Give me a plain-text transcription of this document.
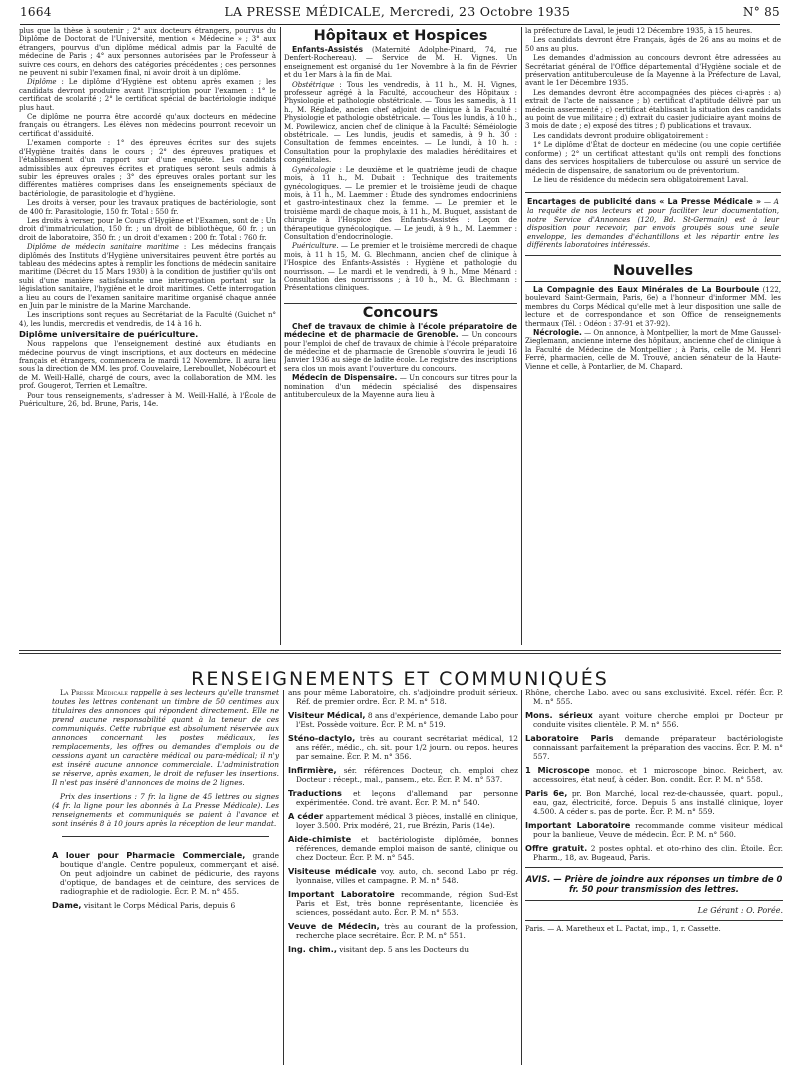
1664	LA PRESSE MÉDICALE, Mercredi, 23 Octobre 1935	N° 85

plus que la thèse à soutenir ; 2° aux docteurs étrangers, pourvus du Diplôme de Doctorat de l'Université, mention « Médecine » ; 3° aux étrangers, pourvus d'un diplôme médical admis par la Faculté de médecine de Paris ; 4° aux personnes autorisées par le Professeur à suivre ces cours, en dehors des catégories précédentes ; ces personnes ne peuvent ni subir l'examen final, ni avoir droit à un diplôme.

Diplôme : Le diplôme d'Hygiène est obtenu après examen ; les candidats devront produire avant l'inscription pour l'examen : 1° le certificat de scolarité ; 2° le certificat spécial de bactériologie indiqué plus haut.

Ce diplôme ne pourra être accordé qu'aux docteurs en médecine français ou étrangers. Les élèves non médecins pourront recevoir un certificat d'assiduité.

L'examen comporte : 1° des épreuves écrites sur des sujets d'Hygiène traités dans le cours ; 2° des épreuves pratiques et l'établissement d'un rapport sur d'une enquête. Les candidats admissibles aux épreuves écrites et pratiques seront seuls admis à subir les épreuves orales ; 3° des épreuves orales portant sur les différentes matières comprises dans les enseignements spéciaux de bactériologie, de parasitologie et d'hygiène.

Les droits à verser, pour les travaux pratiques de bactériologie, sont de 400 fr. Parasitologie, 150 fr. Total : 550 fr.

Les droits à verser, pour le Cours d'Hygiène et l'Examen, sont de : Un droit d'immatriculation, 150 fr. ; un droit de bibliothèque, 60 fr. ; un droit de laboratoire, 350 fr. ; un droit d'examen : 200 fr. Total : 760 fr.

Diplôme de médecin sanitaire maritime : Les médecins français diplômés des Instituts d'Hygiène universitaires peuvent être portés au tableau des médecins aptes à remplir les fonctions de médecin sanitaire maritime (Décret du 15 Mars 1930) à la condition de justifier qu'ils ont subi d'une manière satisfaisante une interrogation portant sur la législation sanitaire, l'hygiène et le droit maritimes. Cette interrogation a lieu au cours de l'examen sanitaire maritime organisé chaque année en Juin par le ministre de la Marine Marchande.

Les inscriptions sont reçues au Secrétariat de la Faculté (Guichet n° 4), les lundis, mercredis et vendredis, de 14 à 16 h.

Diplôme universitaire de puériculture.

Nous rappelons que l'enseignement destiné aux étudiants en médecine pourvus de vingt inscriptions, et aux docteurs en médecine français et étrangers, commencera le mardi 12 Novembre. Il aura lieu sous la direction de MM. les prof. Couvelaire, Lereboullet, Nobécourt et de M. Weill-Hallé, chargé de cours, avec la collaboration de MM. les prof. Gougerot, Terrien et Lemaître.

Pour tous renseignements, s'adresser à M. Weill-Hallé, à l'École de Puériculture, 26, bd. Brune, Paris, 14e.

Hôpitaux et Hospices

Enfants-Assistés (Maternité Adolphe-Pinard, 74, rue Denfert-Rochereau). — Service de M. H. Vignes. Un enseignement est organisé du 1er Novembre à la fin de Février et du 1er Mars à la fin de Mai.

Obstétrique : Tous les vendredis, à 11 h., M. H. Vignes, professeur agrégé à la Faculté, accoucheur des Hôpitaux : Physiologie et pathologie obstétricale. — Tous les samedis, à 11 h., M. Réglade, ancien chef adjoint de clinique à la Faculté : Physiologie et pathologie obstétricale. — Tous les lundis, à 10 h., M. Powilewicz, ancien chef de clinique à la Faculté: Séméiologie obstétricale. — Les lundis, jeudis et samedis, à 9 h. 30 : Consultation de femmes enceintes. — Le lundi, à 10 h. : Consultation pour la prophylaxie des maladies héréditaires et congénitales.

Gynécologie : Le deuxième et le quatrième jeudi de chaque mois, à 11 h., M. Dubait : Technique des traitements gynécologiques. — Le premier et le troisième jeudi de chaque mois, à 11 h., M. Laemmer : Étude des syndromes endocriniens et gastro-intestinaux chez la femme. — Le premier et le troisième mardi de chaque mois, à 11 h., M. Buquet, assistant de chirurgie à l'Hospice des Enfants-Assistés : Leçon de thérapeutique gynécologique. — Le jeudi, à 9 h., M. Laemmer : Consultation d'endocrinologie.

Puériculture. — Le premier et le troisième mercredi de chaque mois, à 11 h 15, M. G. Blechmann, ancien chef de clinique à l'Hospice des Enfants-Assistés : Hygiène et pathologie du nourrisson. — Le mardi et le vendredi, à 9 h., Mme Ménard : Consultation des nourrissons ; à 10 h., M. G. Blechmann : Présentations cliniques.

Concours

Chef de travaux de chimie à l'école préparatoire de médecine et de pharmacie de Grenoble. — Un concours pour l'emploi de chef de travaux de chimie à l'école préparatoire de médecine et de pharmacie de Grenoble s'ouvrira le jeudi 16 Janvier 1936 au siège de ladite école. Le registre des inscriptions sera clos un mois avant l'ouverture du concours.

Médecin de Dispensaire. — Un concours sur titres pour la nomination d'un médecin spécialisé des dispensaires antituberculeux de la Mayenne aura lieu à

la préfecture de Laval, le jeudi 12 Décembre 1935, à 15 heures.

Les candidats devront être Français, âgés de 26 ans au moins et de 50 ans au plus.

Les demandes d'admission au concours devront être adressées au Secrétariat général de l'Office départemental d'Hygiène sociale et de préservation antituberculeuse de la Mayenne à la Préfecture de Laval, avant le 1er Décembre 1935.

Les demandes devront être accompagnées des pièces ci-après : a) extrait de l'acte de naissance ; b) certificat d'aptitude délivré par un médecin assermenté ; c) certificat établissant la situation des candidats au point de vue militaire ; d) extrait du casier judiciaire ayant moins de 3 mois de date ; e) exposé des titres ; f) publications et travaux.

Les candidats devront produire obligatoirement :

1° Le diplôme d'État de docteur en médecine (ou une copie certifiée conforme) ; 2° un certificat attestant qu'ils ont rempli des fonctions dans des services hospitaliers de tuberculose ou assuré un service de médecin de dispensaire, de sanatorium ou de préventorium.

Le lieu de résidence du médecin sera obligatoirement Laval.

Encartages de publicité dans « La Presse Médicale » — A la requête de nos lecteurs et pour faciliter leur documentation, notre Service d'Annonces (120, Bd. St-Germain) est à leur disposition pour recevoir, par envois groupés sous une seule enveloppe, les demandes d'échantillons et les répartir entre les différents laboratoires intéressés.

Nouvelles

La Compagnie des Eaux Minérales de La Bourboule (122, boulevard Saint-Germain, Paris, 6e) a l'honneur d'informer MM. les membres du Corps Médical qu'elle met à leur disposition une salle de lecture et de correspondance et son Office de renseignements thermaux (Tél. : Odéon : 37-91 et 37-92).

Nécrologie. — On annonce, à Montpellier, la mort de Mme Gaussel-Zieglemann, ancienne interne des hôpitaux, ancienne chef de clinique à la Faculté de Médecine de Montpellier ; à Paris, celle de M. Henri Ferré, pharmacien, celle de M. Trouvé, ancien sénateur de la Haute-Vienne et celle, à Pontarlier, de M. Chapard.

RENSEIGNEMENTS ET COMMUNIQUÉS

La Presse Médicale rappelle à ses lecteurs qu'elle transmet toutes les lettres contenant un timbre de 50 centimes aux titulaires des annonces qui répondent directement. Elle ne prend aucune responsabilité quant à la teneur de ces communiqués. Cette rubrique est absolument réservée aux annonces concernant les postes médicaux, les remplacements, les offres ou demandes d'emplois ou de cessions ayant un caractère médical ou para-médical; il n'y est inséré aucune annonce commerciale. L'administration se réserve, après examen, le droit de refuser les insertions. Il n'est pas inséré d'annonces de moins de 2 lignes.

Prix des insertions : 7 fr. la ligne de 45 lettres ou signes (4 fr. la ligne pour les abonnés à La Presse Médicale). Les renseignements et communiqués se paient à l'avance et sont insérés 8 à 10 jours après la réception de leur mandat.

A louer pour Pharmacie Commerciale, grande boutique d'angle. Centre populeux, commerçant et aisé. On peut adjoindre un cabinet de pédicurie, des rayons d'optique, de bandages et de ceinture, des services de radiographie et de radiologie. Écr. P. M. n° 455.

Dame, visitant le Corps Médical Paris, depuis 6

ans pour même Laboratoire, ch. s'adjoindre produit sérieux. Réf. de premier ordre. Écr. P. M. n° 518.

Visiteur Médical, 8 ans d'expérience, demande Labo pour l'Est. Possède voiture. Écr. P. M. n° 519.

Sténo-dactylo, très au courant secrétariat médical, 12 ans référ., médic., ch. sit. pour 1/2 journ. ou repos. heures par semaine. Écr. P. M. n° 356.

Infirmière, sér. références Docteur, ch. emploi chez Docteur : récept., mal., pansem., etc. Écr. P. M. n° 537.

Traductions et leçons d'allemand par personne expérimentée. Cond. trè avant. Écr. P. M. n° 540.

A céder appartement médical 3 pièces, installé en clinique, loyer 3.500. Prix modéré, 21, rue Brézin, Paris (14e).

Aide-chimiste et bactériologiste diplômée, bonnes références, demande emploi maison de santé, clinique ou chez Docteur. Écr. P. M. n° 545.

Visiteuse médicale voy. auto, ch. second Labo pr rég. lyonnaise, villes et campagne. P. M. n° 548.

Important Laboratoire recommande, région Sud-Est Paris et Est, très bonne représentante, licenciée ès sciences, possédant auto. Écr. P. M. n° 553.

Veuve de Médecin, très au courant de la profession, recherche place secrétaire. Écr. P. M. n° 551.

Ing. chim., visitant dep. 5 ans les Docteurs du

Rhône, cherche Labo. avec ou sans exclusivité. Excel. référ. Écr. P. M. n° 555.

Mons. sérieux ayant voiture cherche emploi pr Docteur pr conduite visites clientèle. P. M. n° 556.

Laboratoire Paris demande préparateur bactériologiste connaissant parfaitement la préparation des vaccins. Écr. P. M. n° 557.

1 Microscope monoc. et 1 microscope binoc. Reichert, av. accessoires, état neuf, à céder. Bon. condit. Écr. P. M. n° 558.

Paris 6e, pr. Bon Marché, local rez-de-chaussée, quart. popul., eau, gaz, électricité, force. Depuis 5 ans installé clinique, loyer 4.500. A céder s. pas de porte. Écr. P. M. n° 559.

Important Laboratoire recommande comme visiteur médical pour la banlieue, Veuve de médecin. Écr. P. M. n° 560.

Offre gratuit. 2 postes ophtal. et oto-rhino des clin. Étoile. Écr. Pharm., 18, av. Bugeaud, Paris.

AVIS. — Prière de joindre aux réponses un timbre de 0 fr. 50 pour transmission des lettres.

Le Gérant : O. Porée.

Paris. — A. Maretheux et L. Pactat, imp., 1, r. Cassette.
